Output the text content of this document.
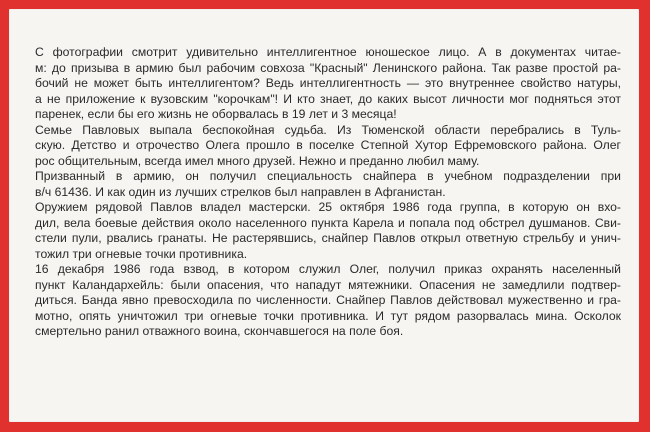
С фотографии смотрит удивительно интеллигентное юношеское лицо. А в документах читае-
м: до призыва в армию был рабочим совхоза "Красный" Ленинского района. Так разве простой ра-
бочий не может быть интеллигентом? Ведь интеллигентность — это внутреннее свойство натуры,
а не приложение к вузовским "корочкам"! И кто знает, до каких высот личности мог подняться этот
паренек, если бы его жизнь не оборвалась в 19 лет и 3 месяца!
Семье Павловых выпала беспокойная судьба. Из Тюменской области перебрались в Туль-
скую. Детство и отрочество Олега прошло в поселке Степной Хутор Ефремовского района. Олег
рос общительным, всегда имел много друзей. Нежно и преданно любил маму.
Призванный в армию, он получил специальность снайпера в учебном подразделении при
в/ч 61436. И как один из лучших стрелков был направлен в Афганистан.
Оружием рядовой Павлов владел мастерски. 25 октября 1986 года группа, в которую он вхо-
дил, вела боевые действия около населенного пункта Карела и попала под обстрел душманов. Сви-
стели пули, рвались гранаты. Не растерявшись, снайпер Павлов открыл ответную стрельбу и унич-
тожил три огневые точки противника.
16 декабря 1986 года взвод, в котором служил Олег, получил приказ охранять населенный
пункт Каландархейль: были опасения, что нападут мятежники. Опасения не замедлили подтвер-
диться. Банда явно превосходила по численности. Снайпер Павлов действовал мужественно и гра-
мотно, опять уничтожил три огневые точки противника. И тут рядом разорвалась мина. Осколок
смертельно ранил отважного воина, скончавшегося на поле боя.
